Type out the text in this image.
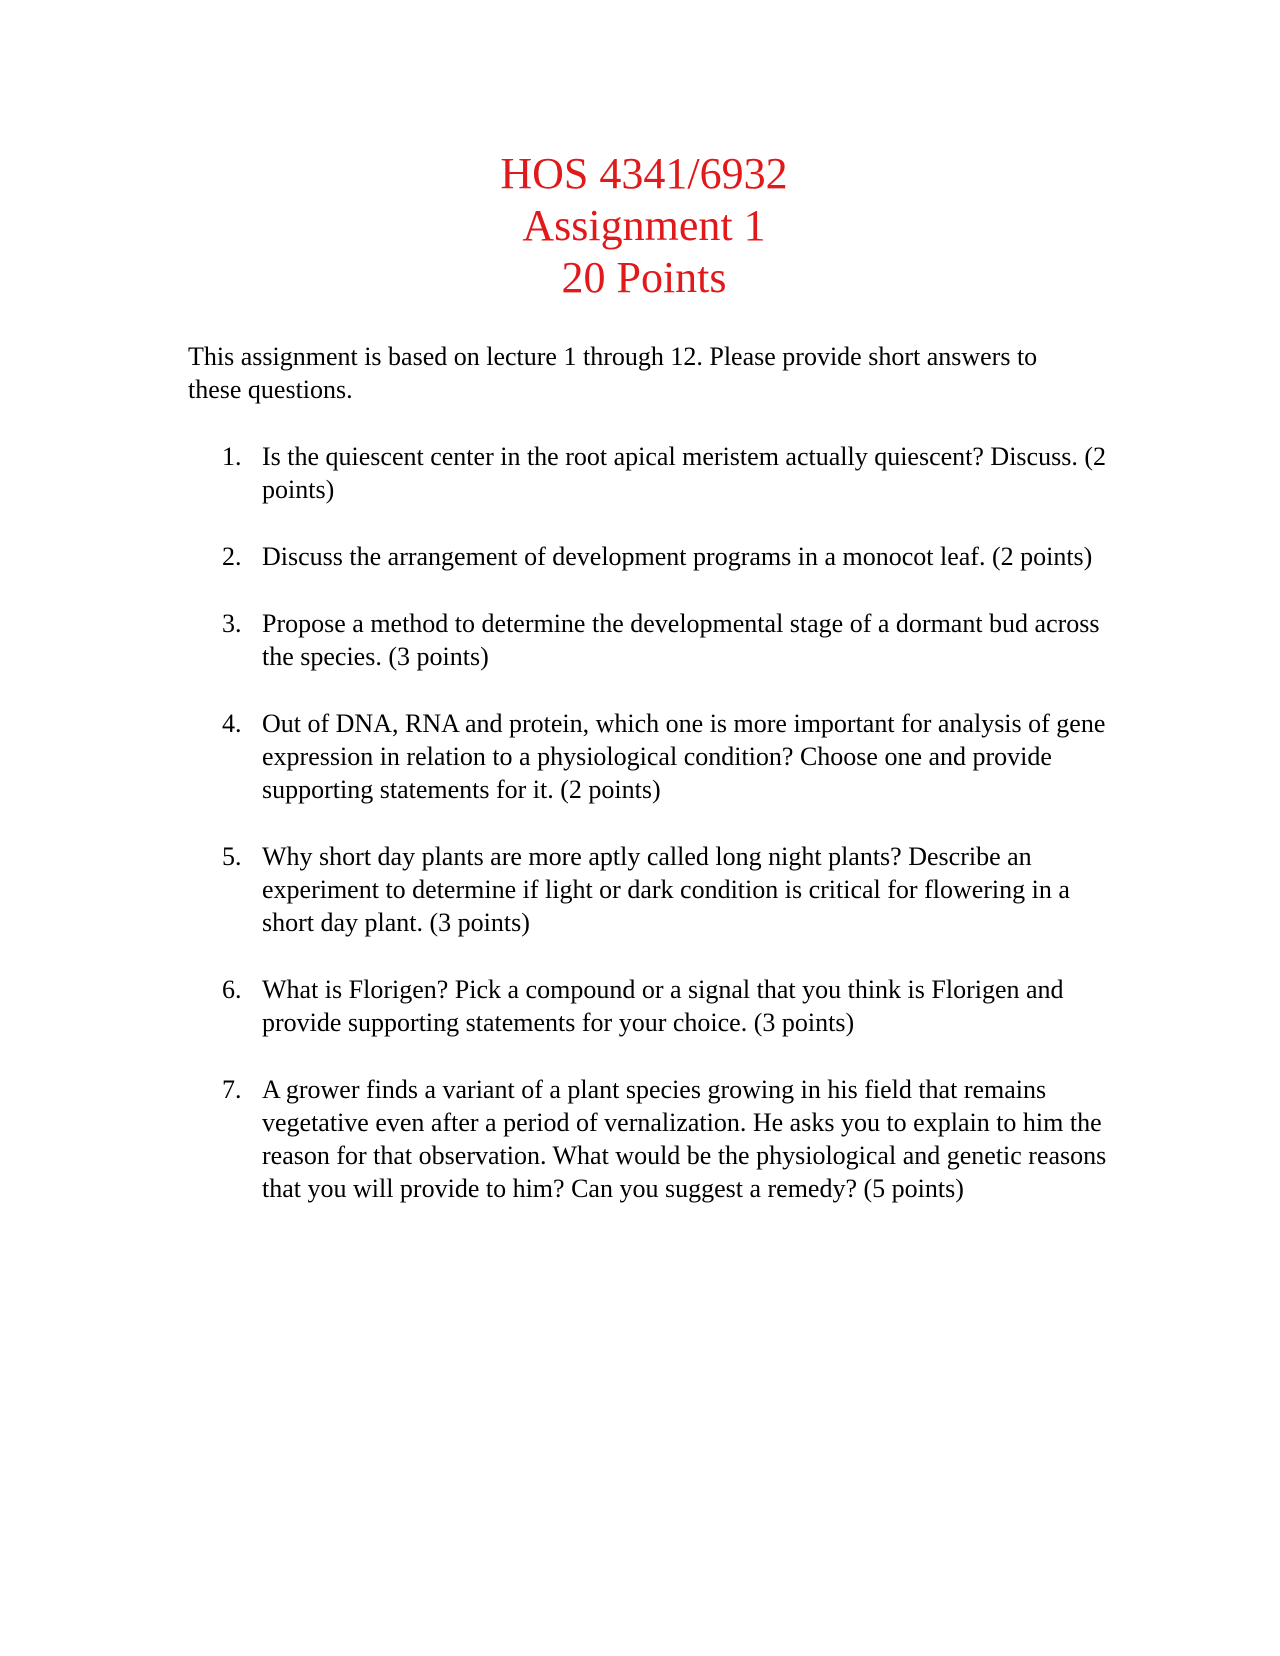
HOS 4341/6932
Assignment 1
20 Points
This assignment is based on lecture 1 through 12. Please provide short answers to these questions.
1. Is the quiescent center in the root apical meristem actually quiescent? Discuss. (2 points)
2. Discuss the arrangement of development programs in a monocot leaf. (2 points)
3. Propose a method to determine the developmental stage of a dormant bud across the species. (3 points)
4. Out of DNA, RNA and protein, which one is more important for analysis of gene expression in relation to a physiological condition? Choose one and provide supporting statements for it. (2 points)
5. Why short day plants are more aptly called long night plants? Describe an experiment to determine if light or dark condition is critical for flowering in a short day plant. (3 points)
6. What is Florigen? Pick a compound or a signal that you think is Florigen and provide supporting statements for your choice. (3 points)
7. A grower finds a variant of a plant species growing in his field that remains vegetative even after a period of vernalization. He asks you to explain to him the reason for that observation. What would be the physiological and genetic reasons that you will provide to him? Can you suggest a remedy? (5 points)
